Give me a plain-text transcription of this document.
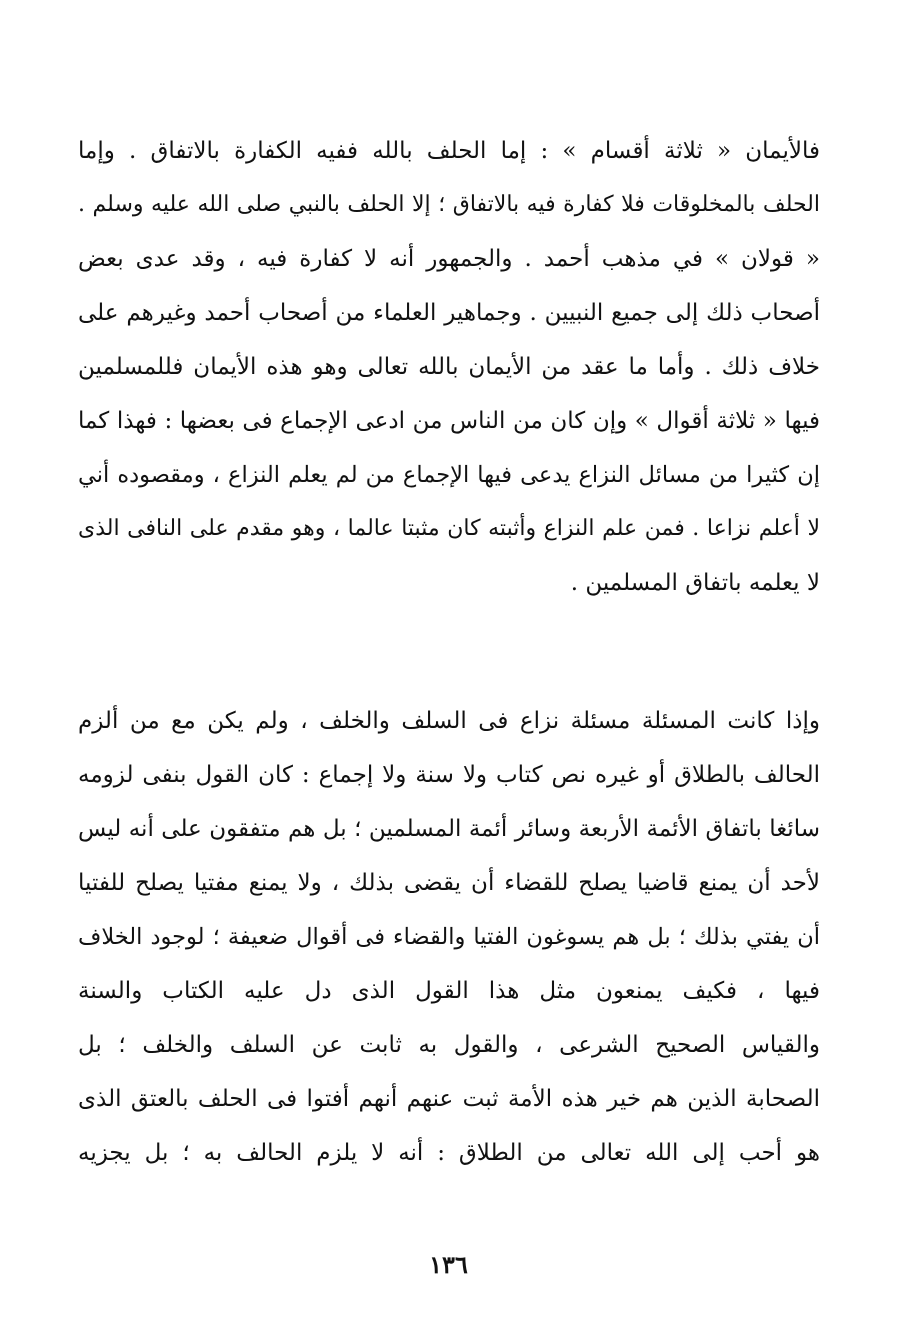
فالأيمان « ثلاثة أقسام » : إما الحلف بالله ففيه الكفارة بالاتفاق . وإما
الحلف بالمخلوقات فلا كفارة فيه بالاتفاق ؛ إلا الحلف بالنبي صلى الله عليه وسلم .
« قولان » في مذهب أحمد . والجمهور أنه لا كفارة فيه ، وقد عدى بعض
أصحاب ذلك إلى جميع النبيين . وجماهير العلماء من أصحاب أحمد وغيرهم على
خلاف ذلك . وأما ما عقد من الأيمان بالله تعالى وهو هذه الأيمان فللمسلمين
فيها « ثلاثة أقوال » وإن كان من الناس من ادعى الإجماع فى بعضها : فهذا كما
إن كثيرا من مسائل النزاع يدعى فيها الإجماع من لم يعلم النزاع ، ومقصوده أني
لا أعلم نزاعا . فمن علم النزاع وأثبته كان مثبتا عالما ، وهو مقدم على النافى الذى
لا يعلمه باتفاق المسلمين .
وإذا كانت المسئلة مسئلة نزاع فى السلف والخلف ، ولم يكن مع من ألزم
الحالف بالطلاق أو غيره نص كتاب ولا سنة ولا إجماع : كان القول بنفى لزومه
سائغا باتفاق الأئمة الأربعة وسائر أئمة المسلمين ؛ بل هم متفقون على أنه ليس
لأحد أن يمنع قاضيا يصلح للقضاء أن يقضى بذلك ، ولا يمنع مفتيا يصلح للفتيا
أن يفتي بذلك ؛ بل هم يسوغون الفتيا والقضاء فى أقوال ضعيفة ؛ لوجود الخلاف
فيها ، فكيف يمنعون مثل هذا القول الذى دل عليه الكتاب والسنة
والقياس الصحيح الشرعى ، والقول به ثابت عن السلف والخلف ؛ بل
الصحابة الذين هم خير هذه الأمة ثبت عنهم أنهم أفتوا فى الحلف بالعتق الذى
هو أحب إلى الله تعالى من الطلاق : أنه لا يلزم الحالف به ؛ بل يجزيه
١٣٦
